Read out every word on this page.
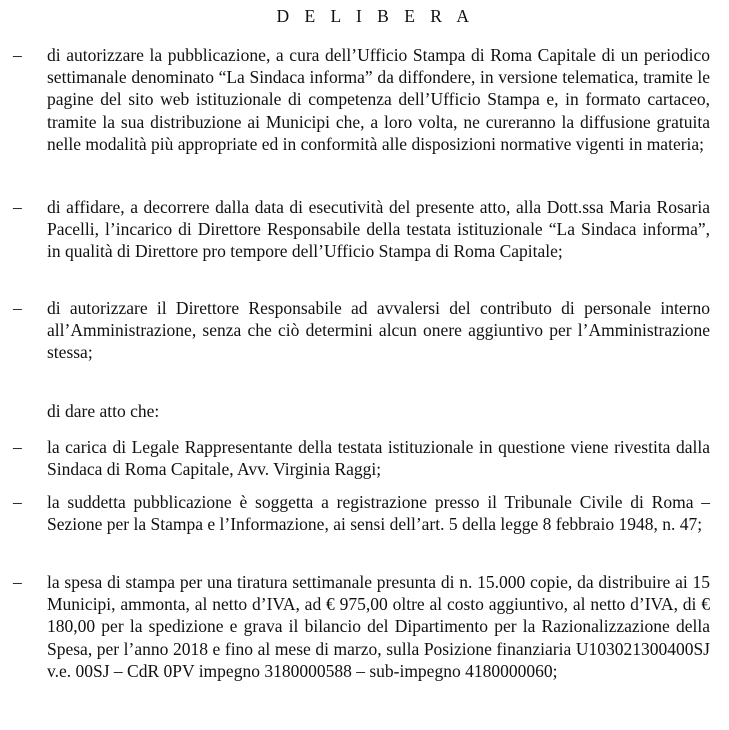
D E L I B E R A
– di autorizzare la pubblicazione, a cura dell’Ufficio Stampa di Roma Capitale di un periodico settimanale denominato “La Sindaca informa” da diffondere, in versione telematica, tramite le pagine del sito web istituzionale di competenza dell’Ufficio Stampa e, in formato cartaceo, tramite la sua distribuzione ai Municipi che, a loro volta, ne cureranno la diffusione gratuita nelle modalità più appropriate ed in conformità alle disposizioni normative vigenti in materia;
– di affidare, a decorrere dalla data di esecutività del presente atto, alla Dott.ssa Maria Rosaria Pacelli, l’incarico di Direttore Responsabile della testata istituzionale “La Sindaca informa”, in qualità di Direttore pro tempore dell’Ufficio Stampa di Roma Capitale;
– di autorizzare il Direttore Responsabile ad avvalersi del contributo di personale interno all’Amministrazione, senza che ciò determini alcun onere aggiuntivo per l’Amministrazione stessa;
di dare atto che:
– la carica di Legale Rappresentante della testata istituzionale in questione viene rivestita dalla Sindaca di Roma Capitale, Avv. Virginia Raggi;
– la suddetta pubblicazione è soggetta a registrazione presso il Tribunale Civile di Roma – Sezione per la Stampa e l’Informazione, ai sensi dell’art. 5 della legge 8 febbraio 1948, n. 47;
– la spesa di stampa per una tiratura settimanale presunta di n. 15.000 copie, da distribuire ai 15 Municipi, ammonta, al netto d’IVA, ad € 975,00 oltre al costo aggiuntivo, al netto d’IVA, di € 180,00 per la spedizione e grava il bilancio del Dipartimento per la Razionalizzazione della Spesa, per l’anno 2018 e fino al mese di marzo, sulla Posizione finanziaria U103021300400SJ v.e. 00SJ – CdR 0PV impegno 3180000588 – sub-impegno 4180000060;
